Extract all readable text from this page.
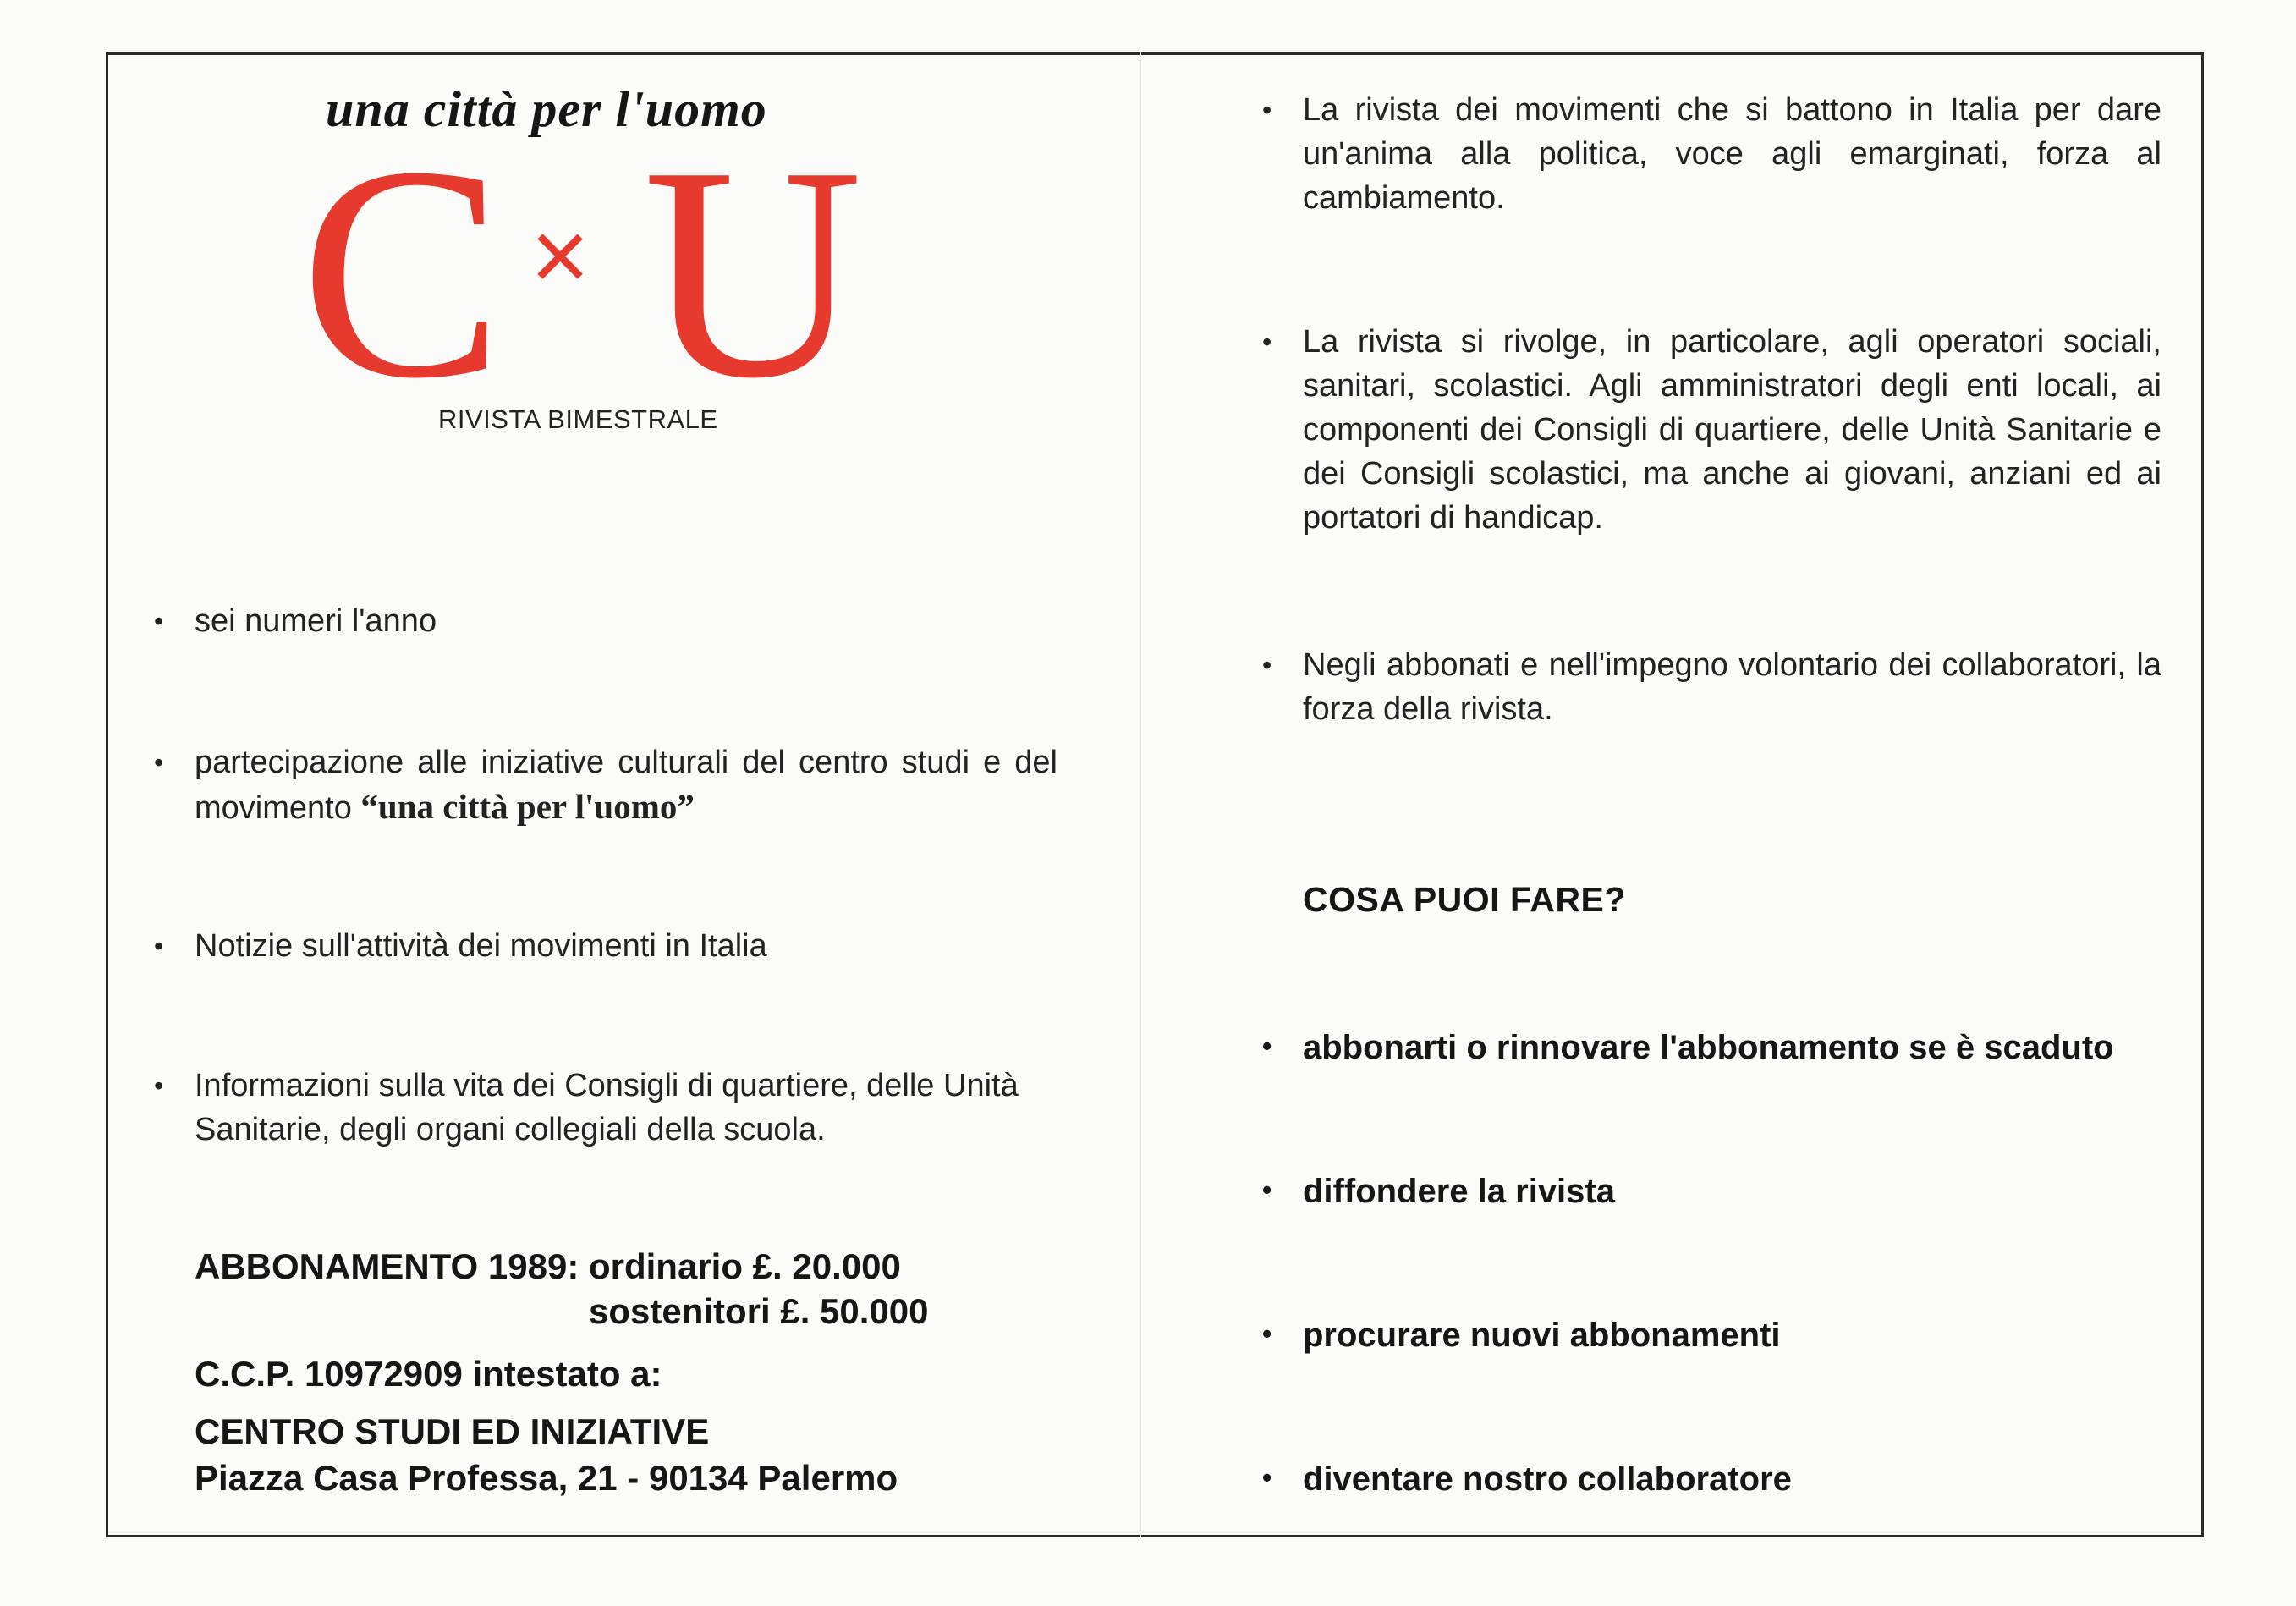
una città per l'uomo
C × U
RIVISTA BIMESTRALE
• sei numeri l'anno
• partecipazione alle iniziative culturali del centro studi e del movimento “una città per l'uomo”
• Notizie sull'attività dei movimenti in Italia
• Informazioni sulla vita dei Consigli di quartiere, delle Unità Sanitarie, degli organi collegiali della scuola.
ABBONAMENTO 1989: ordinario £. 20.000
sostenitori £. 50.000
C.C.P. 10972909 intestato a:
CENTRO STUDI ED INIZIATIVE
Piazza Casa Professa, 21 - 90134 Palermo
• La rivista dei movimenti che si battono in Italia per dare un'anima alla politica, voce agli emarginati, forza al cambiamento.
• La rivista si rivolge, in particolare, agli operatori sociali, sanitari, scolastici. Agli amministratori degli enti locali, ai componenti dei Consigli di quartiere, delle Unità Sanitarie e dei Consigli scolastici, ma anche ai giovani, anziani ed ai portatori di handicap.
• Negli abbonati e nell'impegno volontario dei collaboratori, la forza della rivista.
COSA PUOI FARE?
• abbonarti o rinnovare l'abbonamento se è scaduto
• diffondere la rivista
• procurare nuovi abbonamenti
• diventare nostro collaboratore
